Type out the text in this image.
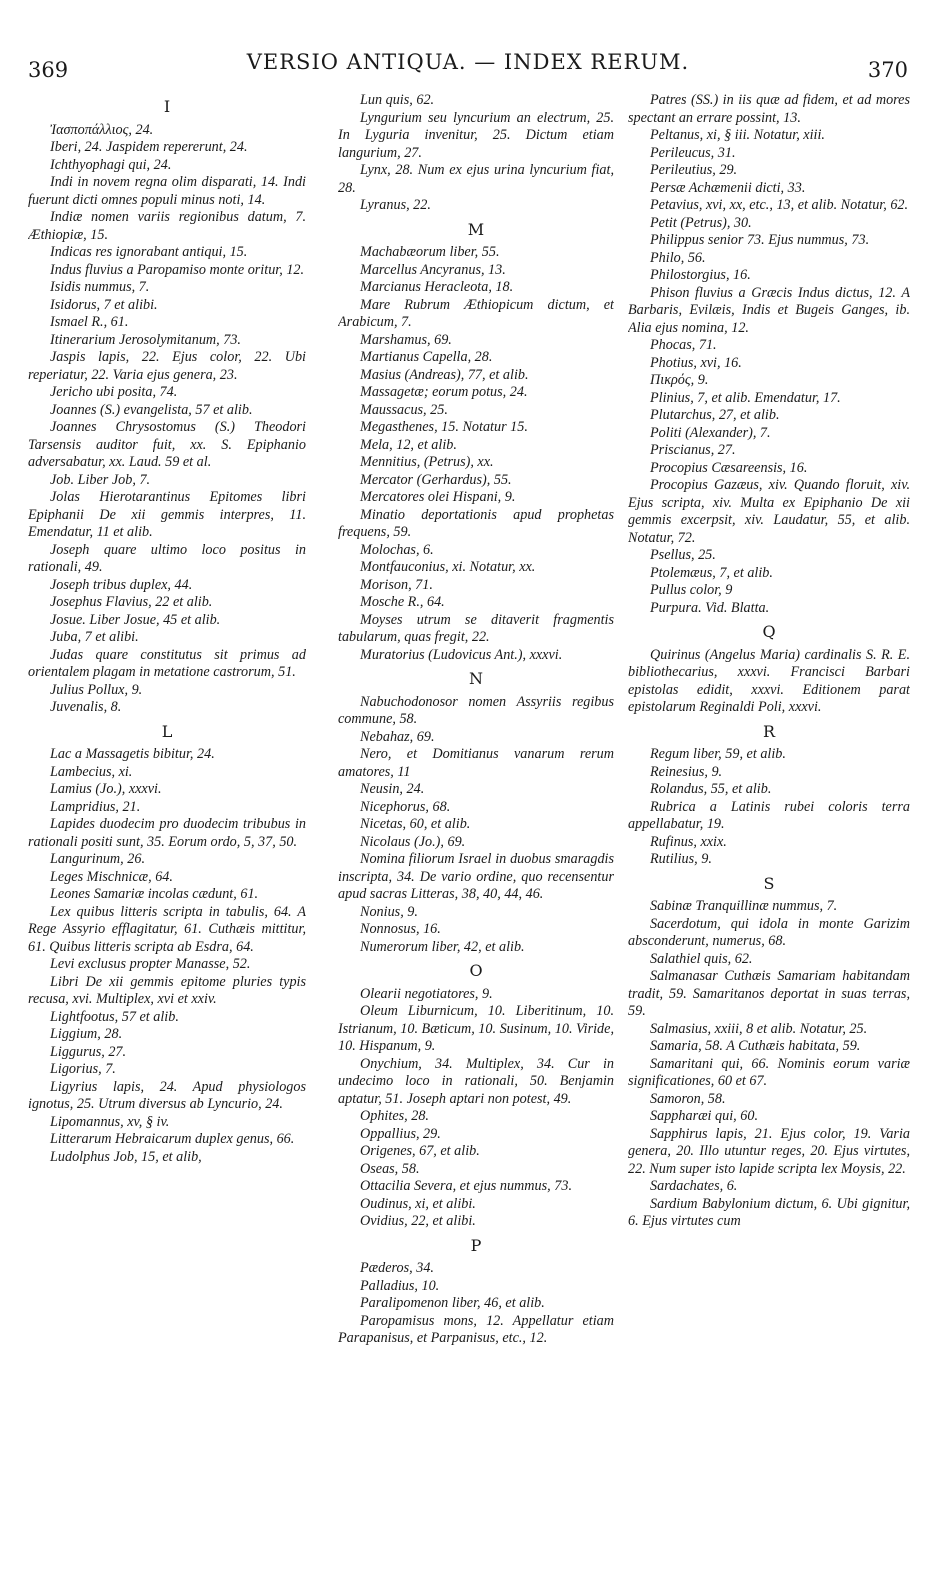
369	VERSIO ANTIQUA. — INDEX RERUM.	370
I

Ἰασποπάλλιος, 24.

Iberi, 24. Jaspidem repererunt, 24.

Ichthyophagi qui, 24.

Indi in novem regna olim disparati, 14. Indi fuerunt dicti omnes populi minus noti, 14.

Indiæ nomen variis regionibus datum, 7. Æthiopiæ, 15.

Indicas res ignorabant antiqui, 15.

Indus fluvius a Paropamiso monte oritur, 12.

Isidis nummus, 7.

Isidorus, 7 et alibi.

Ismael R., 61.

Itinerarium Jerosolymitanum, 73.

Jaspis lapis, 22. Ejus color, 22. Ubi reperiatur, 22. Varia ejus genera, 23.

Jericho ubi posita, 74.

Joannes (S.) evangelista, 57 et alib.

Joannes Chrysostomus (S.) Theodori Tarsensis auditor fuit, xx. S. Epiphanio adversabatur, xx. Laud. 59 et al.

Job. Liber Job, 7.

Jolas Hierotarantinus Epitomes libri Epiphanii De xii gemmis interpres, 11. Emendatur, 11 et alib.

Joseph quare ultimo loco positus in rationali, 49.

Joseph tribus duplex, 44.

Josephus Flavius, 22 et alib.

Josue. Liber Josue, 45 et alib.

Juba, 7 et alibi.

Judas quare constitutus sit primus ad orientalem plagam in metatione castrorum, 51.

Julius Pollux, 9.

Juvenalis, 8.

L

Lac a Massagetis bibitur, 24.

Lambecius, xi.

Lamius (Jo.), xxxvi.

Lampridius, 21.

Lapides duodecim pro duodecim tribubus in rationali positi sunt, 35. Eorum ordo, 5, 37, 50.

Langurinum, 26.

Leges Mischnicæ, 64.

Leones Samariæ incolas cædunt, 61.

Lex quibus litteris scripta in tabulis, 64. A Rege Assyrio efflagitatur, 61. Cuthæis mittitur, 61. Quibus litteris scripta ab Esdra, 64.

Levi exclusus propter Manasse, 52.

Libri De xii gemmis epitome pluries typis recusa, xvi. Multiplex, xvi et xxiv.

Lightfootus, 57 et alib.

Liggium, 28.

Liggurus, 27.

Ligorius, 7.

Ligyrius lapis, 24. Apud physiologos ignotus, 25. Utrum diversus ab Lyncurio, 24.

Lipomannus, xv, § iv.

Litterarum Hebraicarum duplex genus, 66.

Ludolphus Job, 15, et alib,

Lun quis, 62.

Lyngurium seu lyncurium an electrum, 25. In Lyguria invenitur, 25. Dictum etiam langurium, 27.

Lynx, 28. Num ex ejus urina lyncurium fiat, 28.

Lyranus, 22.

M

Machabæorum liber, 55.

Marcellus Ancyranus, 13.

Marcianus Heracleota, 18.

Mare Rubrum Æthiopicum dictum, et Arabicum, 7.

Marshamus, 69.

Martianus Capella, 28.

Masius (Andreas), 77, et alib.

Massagetæ; eorum potus, 24.

Maussacus, 25.

Megasthenes, 15. Notatur 15.

Mela, 12, et alib.

Mennitius, (Petrus), xx.

Mercator (Gerhardus), 55.

Mercatores olei Hispani, 9.

Minatio deportationis apud prophetas frequens, 59.

Molochas, 6.

Montfauconius, xi. Notatur, xx.

Morison, 71.

Mosche R., 64.

Moyses utrum se ditaverit fragmentis tabularum, quas fregit, 22.

Muratorius (Ludovicus Ant.), xxxvi.

N

Nabuchodonosor nomen Assyriis regibus commune, 58.

Nebahaz, 69.

Nero, et Domitianus vanarum rerum amatores, 11

Neusin, 24.

Nicephorus, 68.

Nicetas, 60, et alib.

Nicolaus (Jo.), 69.

Nomina filiorum Israel in duobus smaragdis inscripta, 34. De vario ordine, quo recensentur apud sacras Litteras, 38, 40, 44, 46.

Nonius, 9.

Nonnosus, 16.

Numerorum liber, 42, et alib.

O

Olearii negotiatores, 9.

Oleum Liburnicum, 10. Liberitinum, 10. Istrianum, 10. Bæticum, 10. Susinum, 10. Viride, 10. Hispanum, 9.

Onychium, 34. Multiplex, 34. Cur in undecimo loco in rationali, 50. Benjamin aptatur, 51. Joseph aptari non potest, 49.

Ophites, 28.

Oppallius, 29.

Origenes, 67, et alib.

Oseas, 58.

Ottacilia Severa, et ejus nummus, 73.

Oudinus, xi, et alibi.

Ovidius, 22, et alibi.

P

Pæderos, 34.

Palladius, 10.

Paralipomenon liber, 46, et alib.

Paropamisus mons, 12. Appellatur etiam Parapanisus, et Parpanisus, etc., 12.

Patres (SS.) in iis quæ ad fidem, et ad mores spectant an errare possint, 13.

Peltanus, xi, § iii. Notatur, xiii.

Perileucus, 31.

Perileutius, 29.

Persæ Achæmenii dicti, 33.

Petavius, xvi, xx, etc., 13, et alib. Notatur, 62.

Petit (Petrus), 30.

Philippus senior 73. Ejus nummus, 73.

Philo, 56.

Philostorgius, 16.

Phison fluvius a Græcis Indus dictus, 12. A Barbaris, Evilæis, Indis et Bugeis Ganges, ib. Alia ejus nomina, 12.

Phocas, 71.

Photius, xvi, 16.

Πικρός, 9.

Plinius, 7, et alib. Emendatur, 17.

Plutarchus, 27, et alib.

Politi (Alexander), 7.

Priscianus, 27.

Procopius Cæsareensis, 16.

Procopius Gazæus, xiv. Quando floruit, xiv. Ejus scripta, xiv. Multa ex Epiphanio De xii gemmis excerpsit, xiv. Laudatur, 55, et alib. Notatur, 72.

Psellus, 25.

Ptolemæus, 7, et alib.

Pullus color, 9

Purpura. Vid. Blatta.

Q

Quirinus (Angelus Maria) cardinalis S. R. E. bibliothecarius, xxxvi. Francisci Barbari epistolas edidit, xxxvi. Editionem parat epistolarum Reginaldi Poli, xxxvi.

R

Regum liber, 59, et alib.

Reinesius, 9.

Rolandus, 55, et alib.

Rubrica a Latinis rubei coloris terra appellabatur, 19.

Rufinus, xxix.

Rutilius, 9.

S

Sabinæ Tranquillinæ nummus, 7.

Sacerdotum, qui idola in monte Garizim absconderunt, numerus, 68.

Salathiel quis, 62.

Salmanasar Cuthæis Samariam habitandam tradit, 59. Samaritanos deportat in suas terras, 59.

Salmasius, xxiii, 8 et alib. Notatur, 25.

Samaria, 58. A Cuthæis habitata, 59.

Samaritani qui, 66. Nominis eorum variæ significationes, 60 et 67.

Samoron, 58.

Sappharæi qui, 60.

Sapphirus lapis, 21. Ejus color, 19. Varia genera, 20. Illo utuntur reges, 20. Ejus virtutes, 22. Num super isto lapide scripta lex Moysis, 22.

Sardachates, 6.

Sardium Babylonium dictum, 6. Ubi gignitur, 6. Ejus virtutes cum
